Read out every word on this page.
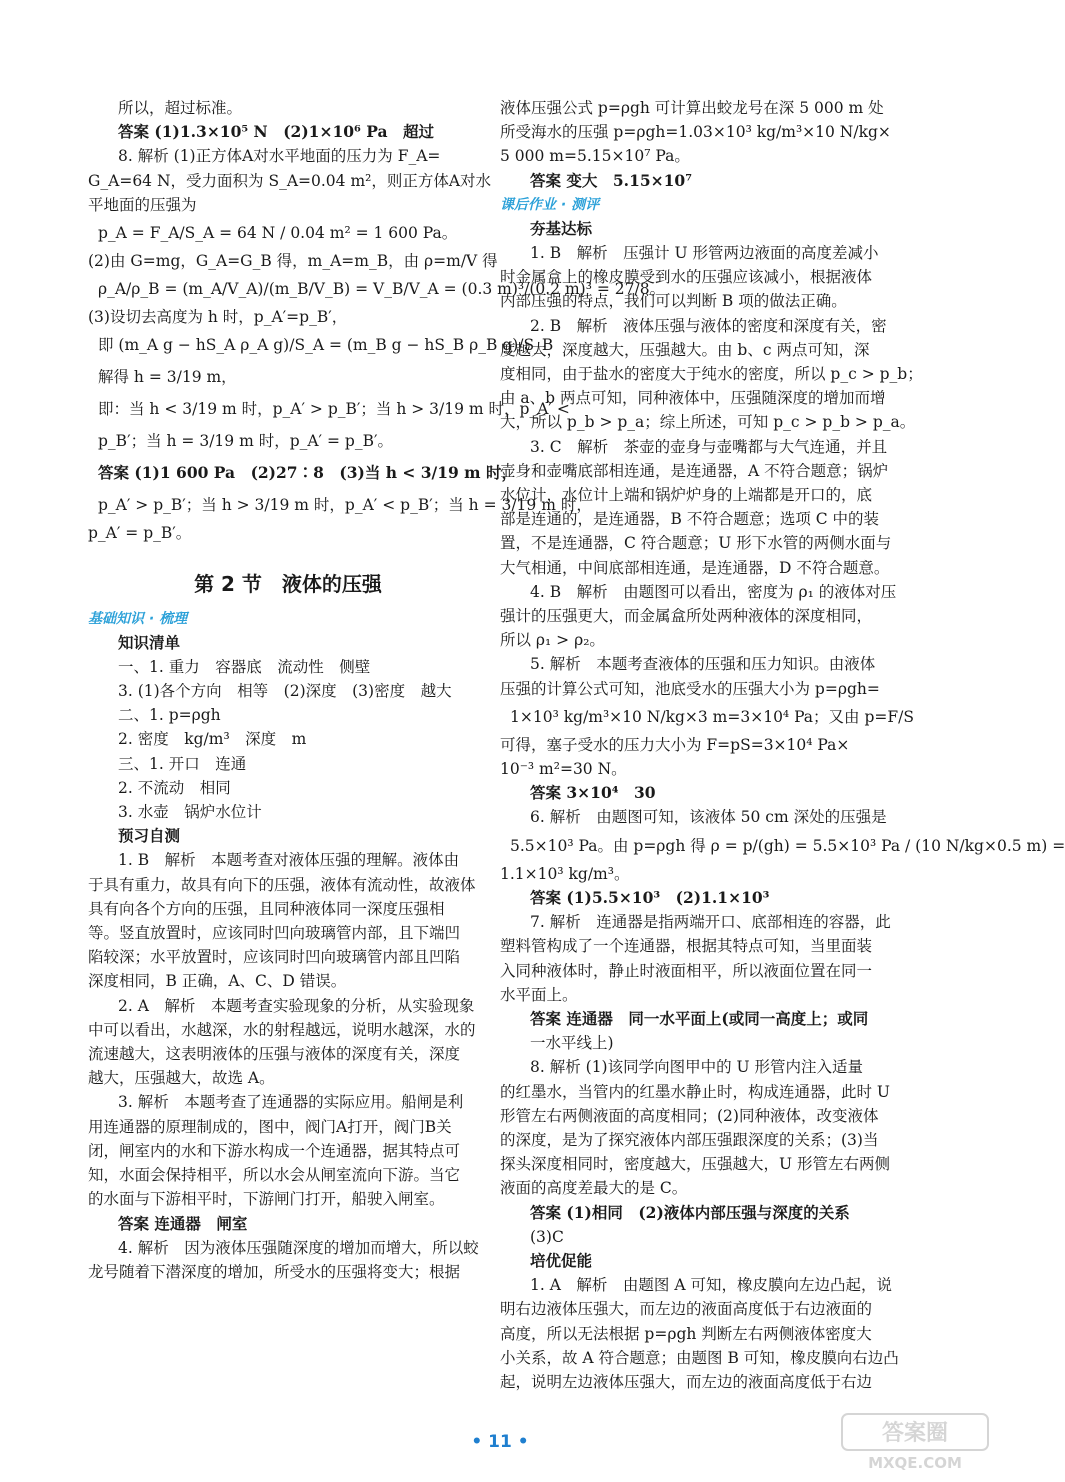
所以，超过标准。
答案 (1)1.3×10⁵ N　(2)1×10⁶ Pa　超过
8. 解析 (1)正方体A对水平地面的压力为 F_A=
G_A=64 N，受力面积为 S_A=0.04 m²，则正方体A对水
平地面的压强为
p_A = F_A/S_A = 64 N / 0.04 m² = 1 600 Pa。
(2)由 G=mg，G_A=G_B 得，m_A=m_B，由 ρ=m/V 得
ρ_A/ρ_B = (m_A/V_A)/(m_B/V_B) = V_B/V_A = (0.3 m)³/(0.2 m)³ = 27/8。
(3)设切去高度为 h 时，p_A′=p_B′，
即 (m_A g − hS_A ρ_A g)/S_A = (m_B g − hS_B ρ_B g)/S_B
解得 h = 3/19 m，
即：当 h < 3/19 m 时，p_A′ > p_B′；当 h > 3/19 m 时，p_A′ <
p_B′；当 h = 3/19 m 时，p_A′ = p_B′。
答案 (1)1 600 Pa　(2)27∶8　(3)当 h < 3/19 m 时，
p_A′ > p_B′；当 h > 3/19 m 时，p_A′ < p_B′；当 h = 3/19 m 时，
p_A′ = p_B′。
第 2 节　液体的压强
基础知识 · 梳理
知识清单
一、1. 重力　容器底　流动性　侧壁
3. (1)各个方向　相等　(2)深度　(3)密度　越大
二、1. p=ρgh
2. 密度　kg/m³　深度　m
三、1. 开口　连通
2. 不流动　相同
3. 水壶　锅炉水位计
预习自测
1. B　解析　本题考查对液体压强的理解。液体由
于具有重力，故具有向下的压强，液体有流动性，故液体
具有向各个方向的压强，且同种液体同一深度压强相
等。竖直放置时，应该同时凹向玻璃管内部，且下端凹
陷较深；水平放置时，应该同时凹向玻璃管内部且凹陷
深度相同，B 正确，A、C、D 错误。
2. A　解析　本题考查实验现象的分析，从实验现象
中可以看出，水越深，水的射程越远，说明水越深，水的
流速越大，这表明液体的压强与液体的深度有关，深度
越大，压强越大，故选 A。
3. 解析　本题考查了连通器的实际应用。船闸是利
用连通器的原理制成的，图中，阀门A打开，阀门B关
闭，闸室内的水和下游水构成一个连通器，据其特点可
知，水面会保持相平，所以水会从闸室流向下游。当它
的水面与下游相平时，下游闸门打开，船驶入闸室。
答案 连通器　闸室
4. 解析　因为液体压强随深度的增加而增大，所以蛟
龙号随着下潜深度的增加，所受水的压强将变大；根据
液体压强公式 p=ρgh 可计算出蛟龙号在深 5 000 m 处
所受海水的压强 p=ρgh=1.03×10³ kg/m³×10 N/kg×
5 000 m=5.15×10⁷ Pa。
答案 变大　5.15×10⁷
课后作业 · 测评
夯基达标
1. B　解析　压强计 U 形管两边液面的高度差减小
时金属盒上的橡皮膜受到水的压强应该减小，根据液体
内部压强的特点，我们可以判断 B 项的做法正确。
2. B　解析　液体压强与液体的密度和深度有关，密
度越大，深度越大，压强越大。由 b、c 两点可知，深
度相同，由于盐水的密度大于纯水的密度，所以 p_c > p_b；
由 a、b 两点可知，同种液体中，压强随深度的增加而增
大，所以 p_b > p_a；综上所述，可知 p_c > p_b > p_a。
3. C　解析　茶壶的壶身与壶嘴都与大气连通，并且
壶身和壶嘴底部相连通，是连通器，A 不符合题意；锅炉
水位计，水位计上端和锅炉炉身的上端都是开口的，底
部是连通的，是连通器，B 不符合题意；选项 C 中的装
置，不是连通器，C 符合题意；U 形下水管的两侧水面与
大气相通，中间底部相连通，是连通器，D 不符合题意。
4. B　解析　由题图可以看出，密度为 ρ₁ 的液体对压
强计的压强更大，而金属盒所处两种液体的深度相同，
所以 ρ₁ > ρ₂。
5. 解析　本题考查液体的压强和压力知识。由液体
压强的计算公式可知，池底受水的压强大小为 p=ρgh=
1×10³ kg/m³×10 N/kg×3 m=3×10⁴ Pa；又由 p=F/S
可得，塞子受水的压力大小为 F=pS=3×10⁴ Pa×
10⁻³ m²=30 N。
答案 3×10⁴　30
6. 解析　由题图可知，该液体 50 cm 深处的压强是
5.5×10³ Pa。由 p=ρgh 得 ρ = p/(gh) = 5.5×10³ Pa / (10 N/kg×0.5 m) =
1.1×10³ kg/m³。
答案 (1)5.5×10³　(2)1.1×10³
7. 解析　连通器是指两端开口、底部相连的容器，此
塑料管构成了一个连通器，根据其特点可知，当里面装
入同种液体时，静止时液面相平，所以液面位置在同一
水平面上。
答案 连通器　同一水平面上(或同一高度上；或同
一水平线上)
8. 解析 (1)该同学向图甲中的 U 形管内注入适量
的红墨水，当管内的红墨水静止时，构成连通器，此时 U
形管左右两侧液面的高度相同；(2)同种液体，改变液体
的深度，是为了探究液体内部压强跟深度的关系；(3)当
探头深度相同时，密度越大，压强越大，U 形管左右两侧
液面的高度差最大的是 C。
答案 (1)相同　(2)液体内部压强与深度的关系
(3)C
培优促能
1. A　解析　由题图 A 可知，橡皮膜向左边凸起，说
明右边液体压强大，而左边的液面高度低于右边液面的
高度，所以无法根据 p=ρgh 判断左右两侧液体密度大
小关系，故 A 符合题意；由题图 B 可知，橡皮膜向右边凸
起，说明左边液体压强大，而左边的液面高度低于右边
• 11 •	答案圈
MXQE.COM
